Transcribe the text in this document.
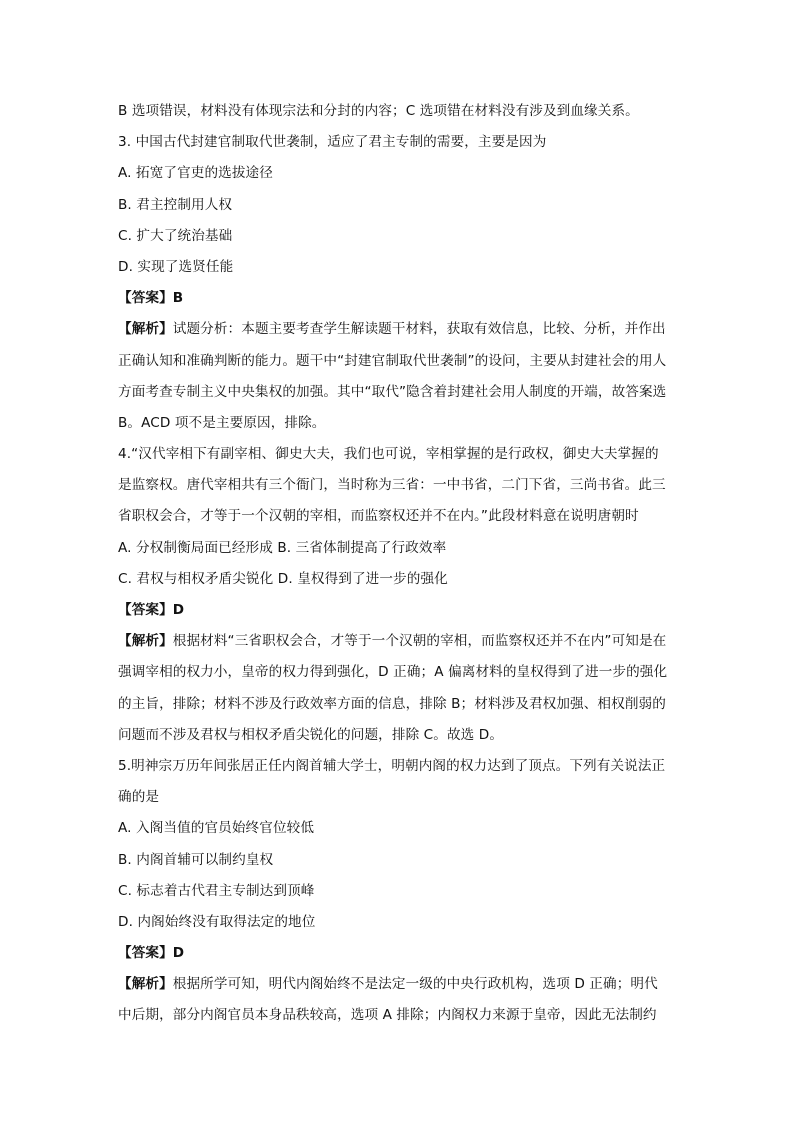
B 选项错误，材料没有体现宗法和分封的内容；C 选项错在材料没有涉及到血缘关系。
3. 中国古代封建官制取代世袭制，适应了君主专制的需要，主要是因为
A. 拓宽了官吏的选拔途径
B. 君主控制用人权
C. 扩大了统治基础
D. 实现了选贤任能
【答案】B
【解析】试题分析：本题主要考查学生解读题干材料，获取有效信息，比较、分析，并作出
正确认知和准确判断的能力。题干中“封建官制取代世袭制”的设问，主要从封建社会的用人
方面考查专制主义中央集权的加强。其中“取代”隐含着封建社会用人制度的开端，故答案选
B。ACD 项不是主要原因，排除。
4.“汉代宰相下有副宰相、御史大夫，我们也可说，宰相掌握的是行政权，御史大夫掌握的
是监察权。唐代宰相共有三个衙门，当时称为三省：一中书省，二门下省，三尚书省。此三
省职权会合，才等于一个汉朝的宰相，而监察权还并不在内。”此段材料意在说明唐朝时
A. 分权制衡局面已经形成 B. 三省体制提高了行政效率
C. 君权与相权矛盾尖锐化 D. 皇权得到了进一步的强化
【答案】D
【解析】根据材料“三省职权会合，才等于一个汉朝的宰相，而监察权还并不在内”可知是在
强调宰相的权力小，皇帝的权力得到强化，D 正确；A 偏离材料的皇权得到了进一步的强化
的主旨，排除；材料不涉及行政效率方面的信息，排除 B；材料涉及君权加强、相权削弱的
问题而不涉及君权与相权矛盾尖锐化的问题，排除 C。故选 D。
5.明神宗万历年间张居正任内阁首辅大学士，明朝内阁的权力达到了顶点。下列有关说法正
确的是
A. 入阁当值的官员始终官位较低
B. 内阁首辅可以制约皇权
C. 标志着古代君主专制达到顶峰
D. 内阁始终没有取得法定的地位
【答案】D
【解析】根据所学可知，明代内阁始终不是法定一级的中央行政机构，选项 D 正确；明代
中后期，部分内阁官员本身品秩较高，选项 A 排除；内阁权力来源于皇帝，因此无法制约
